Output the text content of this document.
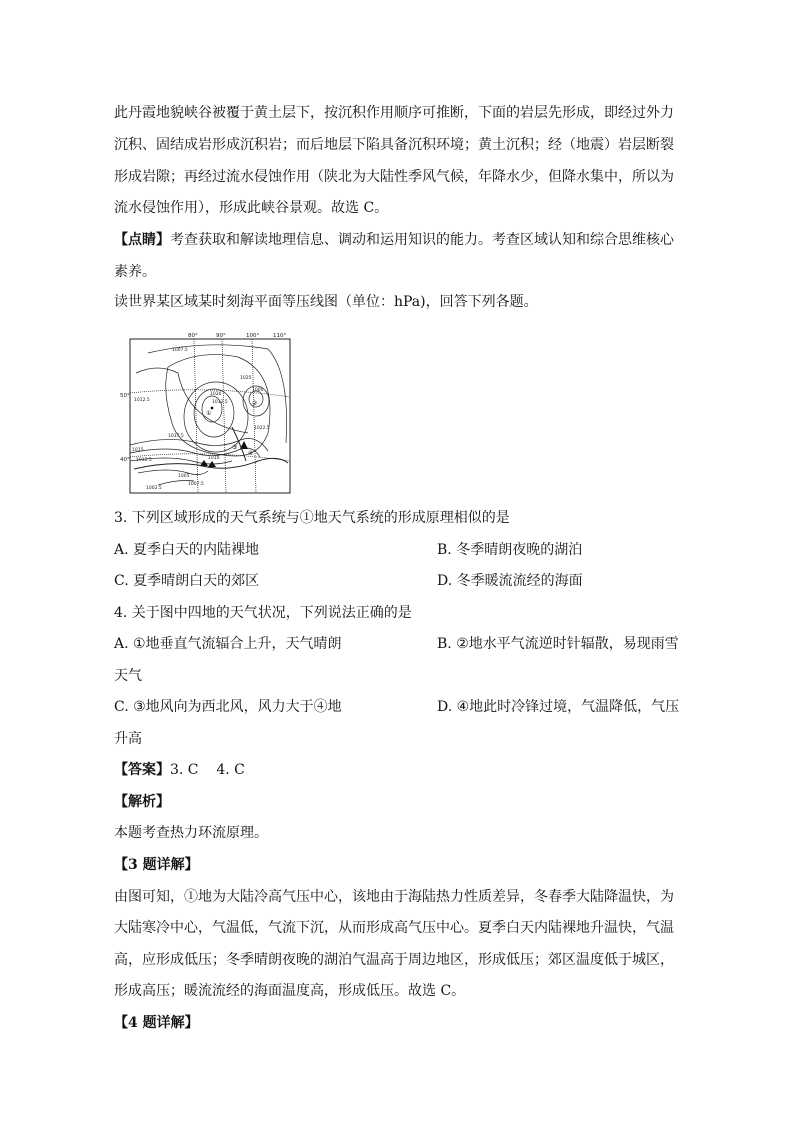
此丹霞地貌峡谷被覆于黄土层下，按沉积作用顺序可推断，下面的岩层先形成，即经过外力
沉积、固结成岩形成沉积岩；而后地层下陷具备沉积环境；黄土沉积；经（地震）岩层断裂
形成岩隙；再经过流水侵蚀作用（陕北为大陆性季风气候，年降水少，但降水集中，所以为
流水侵蚀作用），形成此峡谷景观。故选 C。
【点睛】考查获取和解读地理信息、调动和运用知识的能力。考查区域认知和综合思维核心
素养。
读世界某区域某时刻海平面等压线图（单位：hPa)，回答下列各题。
80°	90°	100°	110°
50°
40°
1007.5
1012.5
1020
1025
1022.5
1012.5
1015
1017.5
1010
1012.5
1005
1007.5
1002.5
1000
①
②
③
④
3. 下列区域形成的天气系统与①地天气系统的形成原理相似的是
A. 夏季白天的内陆裸地	B. 冬季晴朗夜晚的湖泊
C. 夏季晴朗白天的郊区	D. 冬季暖流流经的海面
4. 关于图中四地的天气状况，下列说法正确的是
A. ①地垂直气流辐合上升，天气晴朗	B. ②地水平气流逆时针辐散，易现雨雪
天气
C. ③地风向为西北风，风力大于④地	D. ④地此时冷锋过境，气温降低，气压
升高
【答案】3. C    4. C
【解析】
本题考查热力环流原理。
【3 题详解】
由图可知，①地为大陆冷高气压中心，该地由于海陆热力性质差异，冬春季大陆降温快，为
大陆寒冷中心，气温低，气流下沉，从而形成高气压中心。夏季白天内陆裸地升温快，气温
高，应形成低压；冬季晴朗夜晚的湖泊气温高于周边地区，形成低压；郊区温度低于城区，
形成高压；暖流流经的海面温度高，形成低压。故选 C。
【4 题详解】
